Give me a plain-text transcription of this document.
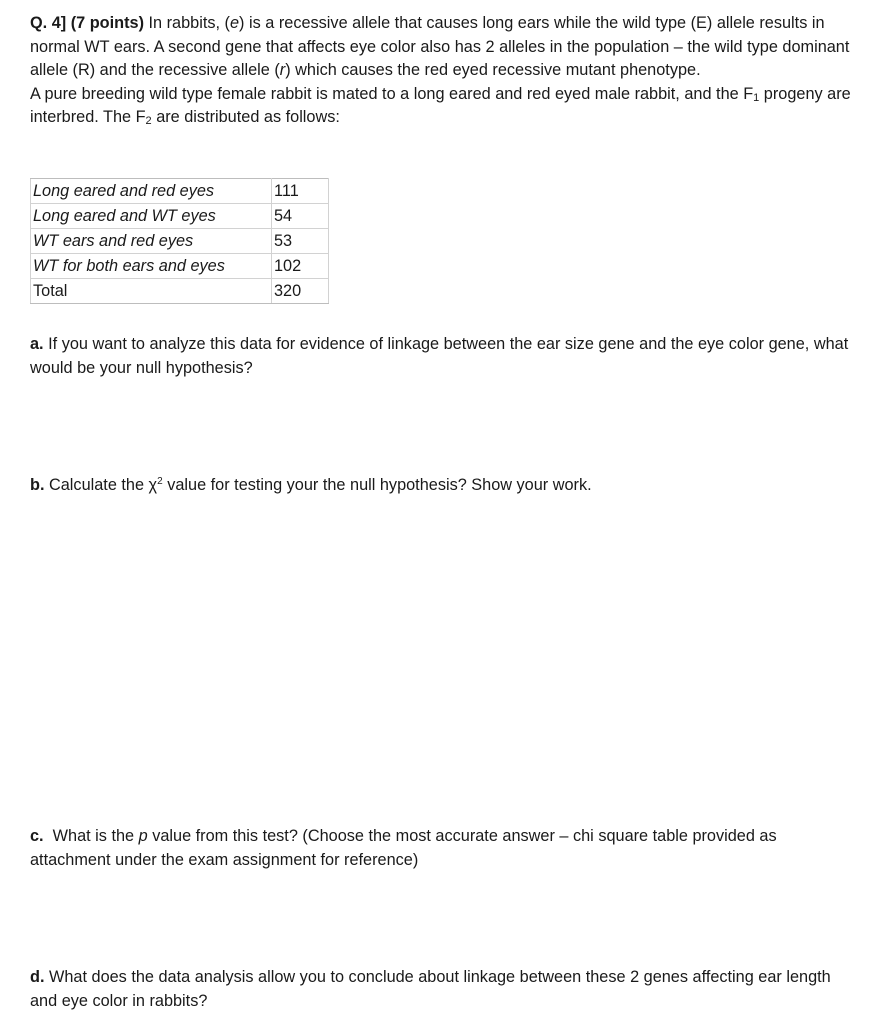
Q. 4] (7 points) In rabbits, (e) is a recessive allele that causes long ears while the wild type (E) allele results in normal WT ears. A second gene that affects eye color also has 2 alleles in the population – the wild type dominant allele (R) and the recessive allele (r) which causes the red eyed recessive mutant phenotype.

A pure breeding wild type female rabbit is mated to a long eared and red eyed male rabbit, and the $F_1$ progeny are interbred. The $F_2$ are distributed as follows:

Long eared and red eyes	111
Long eared and WT eyes	54
WT ears and red eyes	53
WT for both ears and eyes	102
Total	320

a. If you want to analyze this data for evidence of linkage between the ear size gene and the eye color gene, what would be your null hypothesis?

b. Calculate the $\chi^2$ value for testing your the null hypothesis? Show your work.

c.  What is the p value from this test? (Choose the most accurate answer – chi square table provided as attachment under the exam assignment for reference)

d. What does the data analysis allow you to conclude about linkage between these 2 genes affecting ear length and eye color in rabbits?
